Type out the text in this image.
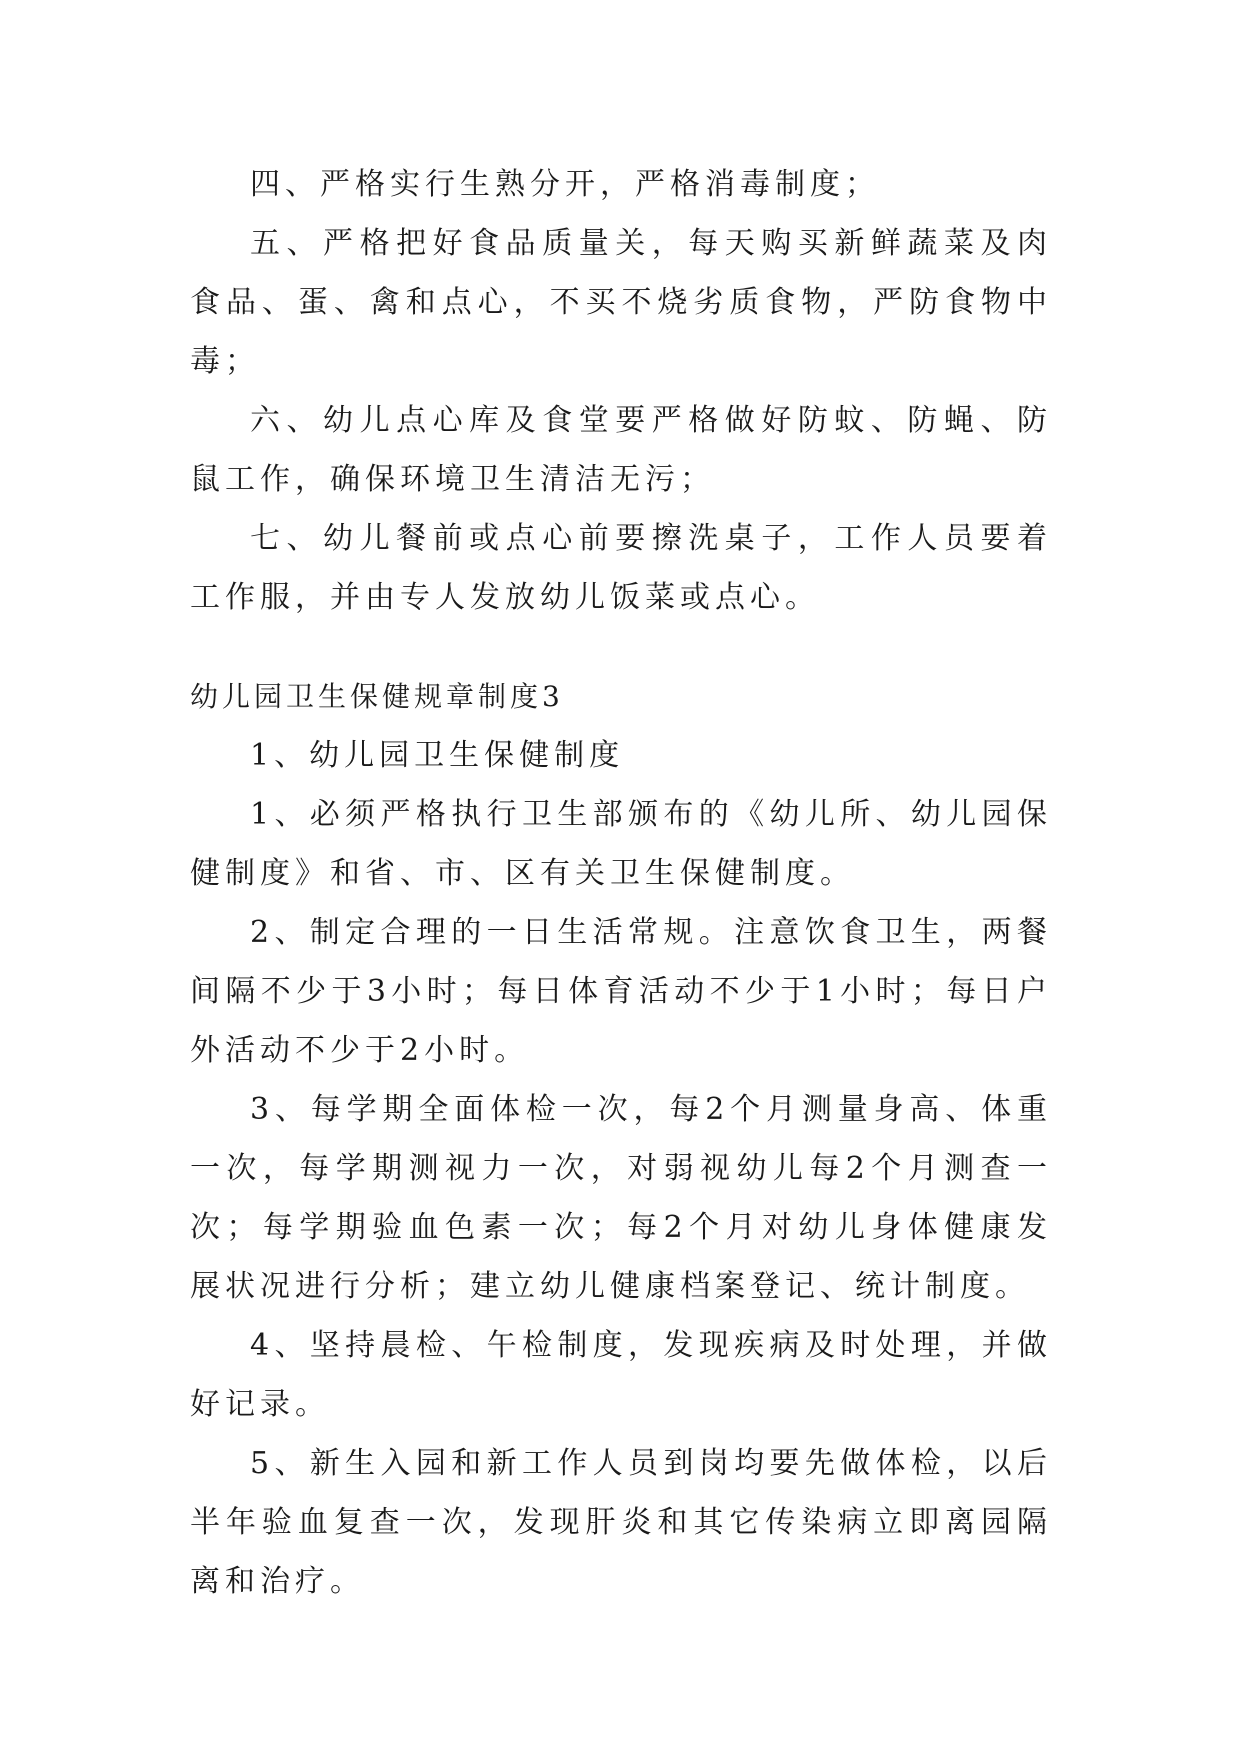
四、严格实行生熟分开，严格消毒制度；

五、严格把好食品质量关，每天购买新鲜蔬菜及肉食品、蛋、禽和点心，不买不烧劣质食物，严防食物中毒；

六、幼儿点心库及食堂要严格做好防蚊、防蝇、防鼠工作，确保环境卫生清洁无污；

七、幼儿餐前或点心前要擦洗桌子，工作人员要着工作服，并由专人发放幼儿饭菜或点心。

幼儿园卫生保健规章制度3

1、幼儿园卫生保健制度

1、必须严格执行卫生部颁布的《幼儿所、幼儿园保健制度》和省、市、区有关卫生保健制度。

2、制定合理的一日生活常规。注意饮食卫生，两餐间隔不少于3小时；每日体育活动不少于1小时；每日户外活动不少于2小时。

3、每学期全面体检一次，每2个月测量身高、体重一次，每学期测视力一次，对弱视幼儿每2个月测查一次；每学期验血色素一次；每2个月对幼儿身体健康发展状况进行分析；建立幼儿健康档案登记、统计制度。

4、坚持晨检、午检制度，发现疾病及时处理，并做好记录。

5、新生入园和新工作人员到岗均要先做体检，以后半年验血复查一次，发现肝炎和其它传染病立即离园隔离和治疗。
